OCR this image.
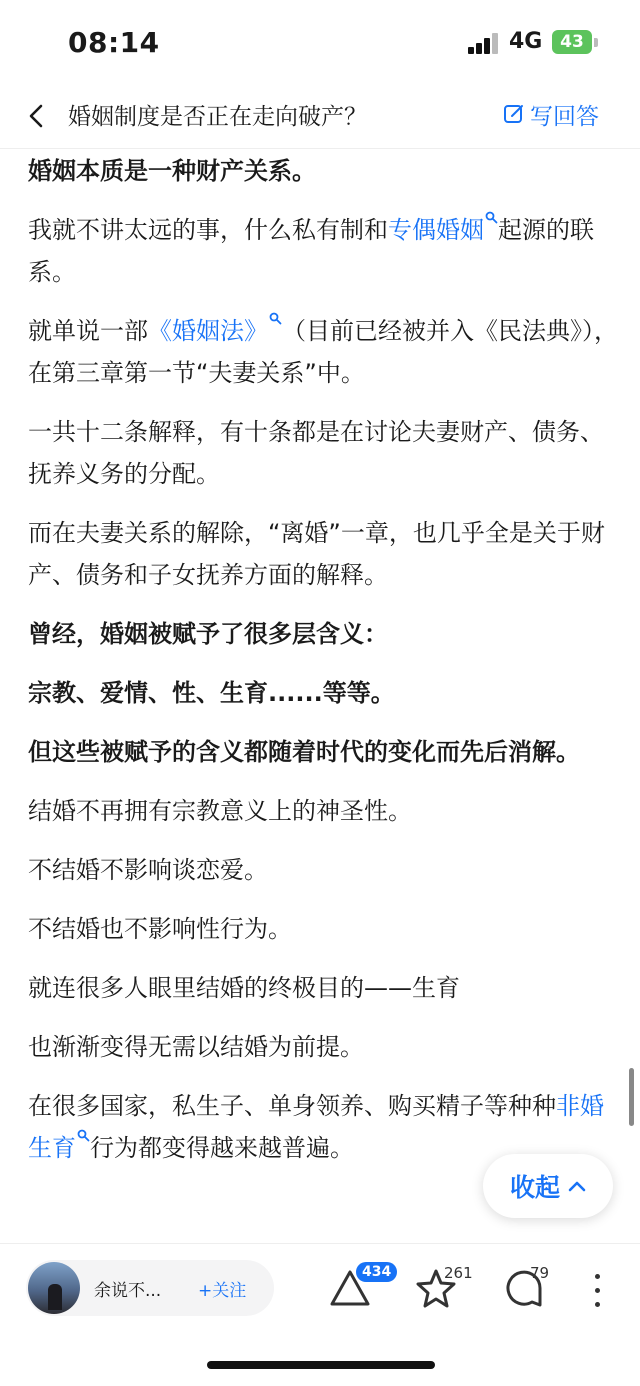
08:14	4G	43
婚姻制度是否正在走向破产？	写回答

婚姻本质是一种财产关系。

我就不讲太远的事，什么私有制和专偶婚姻 起源的联系。

就单说一部《婚姻法》 （目前已经被并入《民法典》），在第三章第一节“夫妻关系”中。

一共十二条解释，有十条都是在讨论夫妻财产、债务、抚养义务的分配。

而在夫妻关系的解除，“离婚”一章，也几乎全是关于财产、债务和子女抚养方面的解释。

曾经，婚姻被赋予了很多层含义：

宗教、爱情、性、生育......等等。

但这些被赋予的含义都随着时代的变化而先后消解。

结婚不再拥有宗教意义上的神圣性。

不结婚不影响谈恋爱。

不结婚也不影响性行为。

就连很多人眼里结婚的终极目的——生育

也渐渐变得无需以结婚为前提。

在很多国家，私生子、单身领养、购买精子等种种非婚生育 行为都变得越来越普遍。

收起
余说不... +关注
434	261	79
